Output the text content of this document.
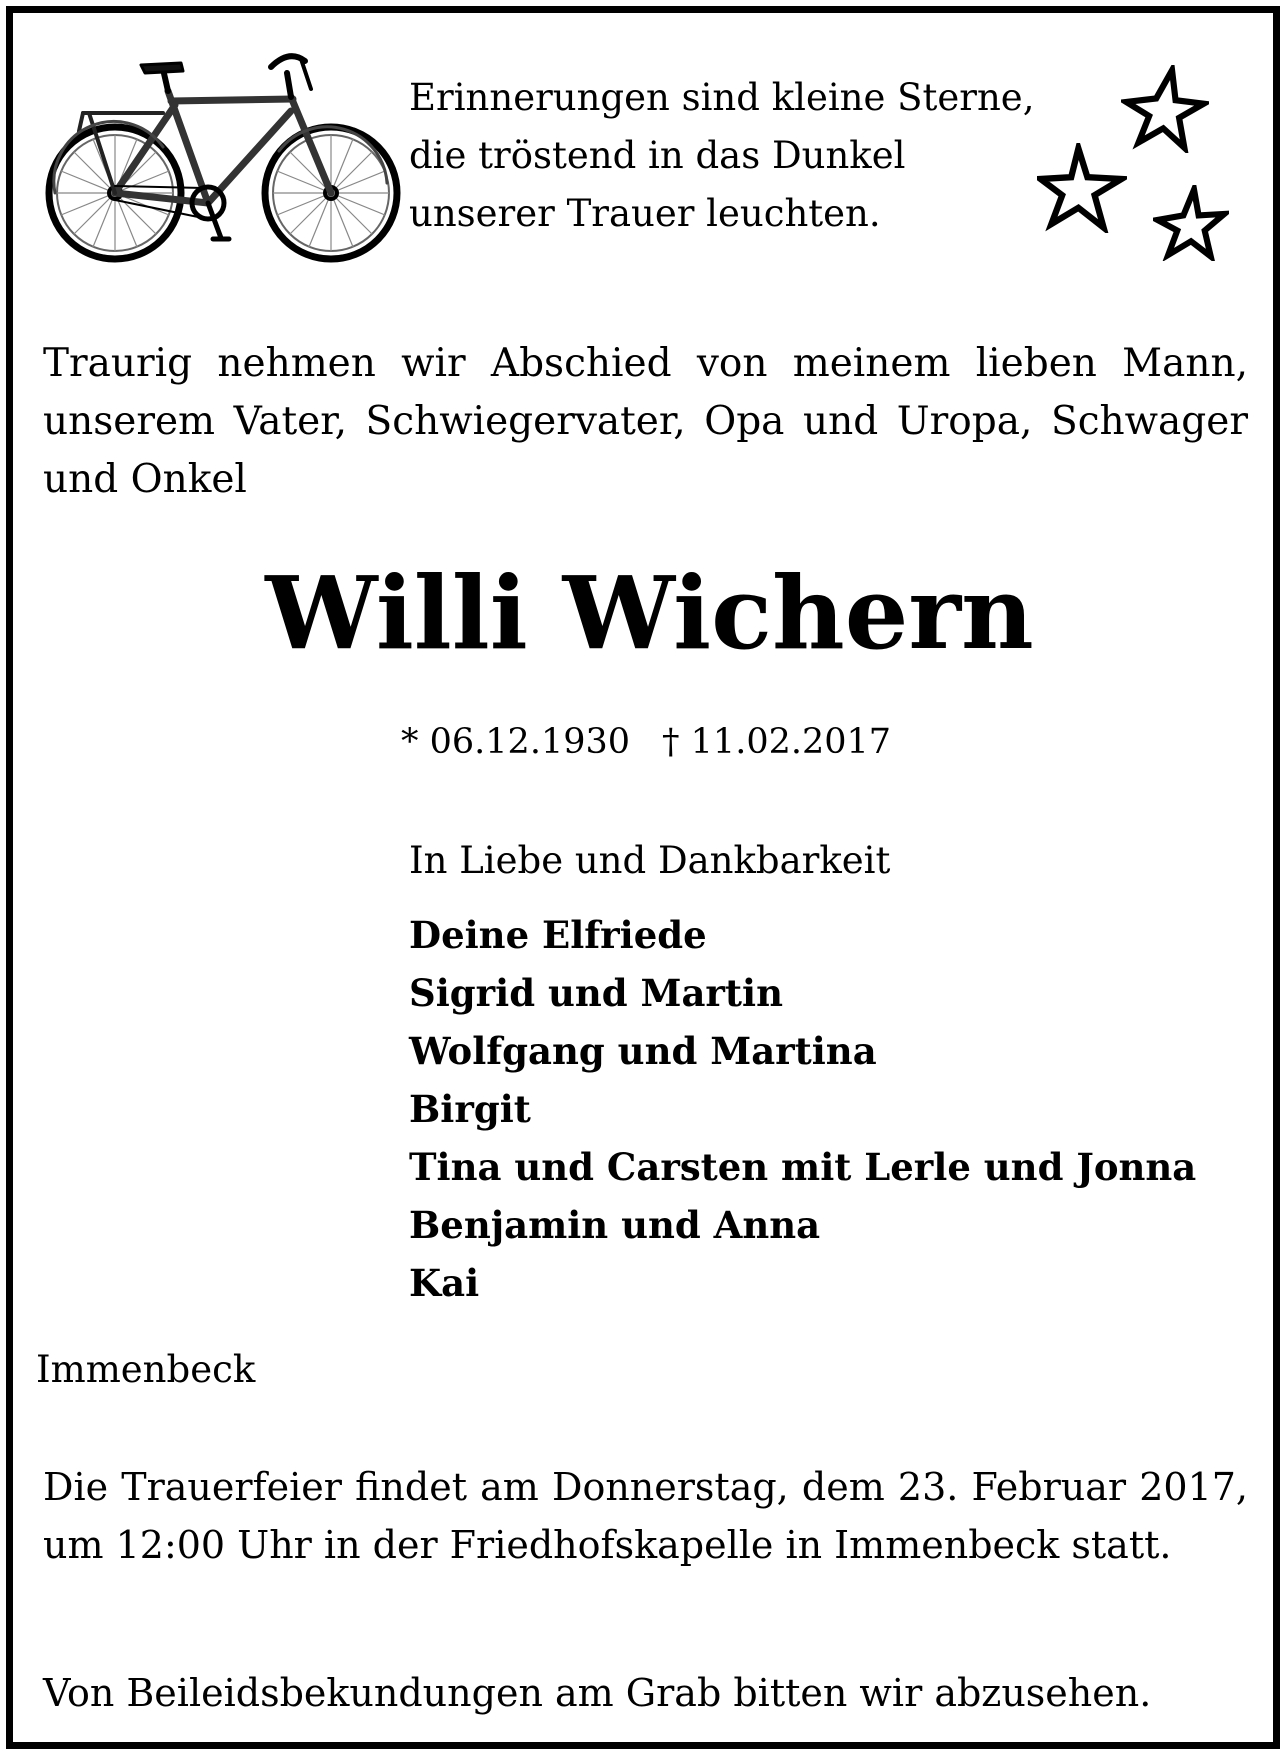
Erinnerungen sind kleine Sterne,
die tröstend in das Dunkel
unserer Trauer leuchten.

Traurig nehmen wir Abschied von meinem lieben Mann, unserem Vater, Schwiegervater, Opa und Uropa, Schwager und Onkel

Willi Wichern
* 06.12.1930 † 11.02.2017
In Liebe und Dankbarkeit
Deine Elfriede
Sigrid und Martin
Wolfgang und Martina
Birgit
Tina und Carsten mit Lerle und Jonna
Benjamin und Anna
Kai
Immenbeck

Die Trauerfeier findet am Donnerstag, dem 23. Februar 2017, um 12:00 Uhr in der Friedhofskapelle in Immenbeck statt.

Von Beileidsbekundungen am Grab bitten wir abzusehen.
